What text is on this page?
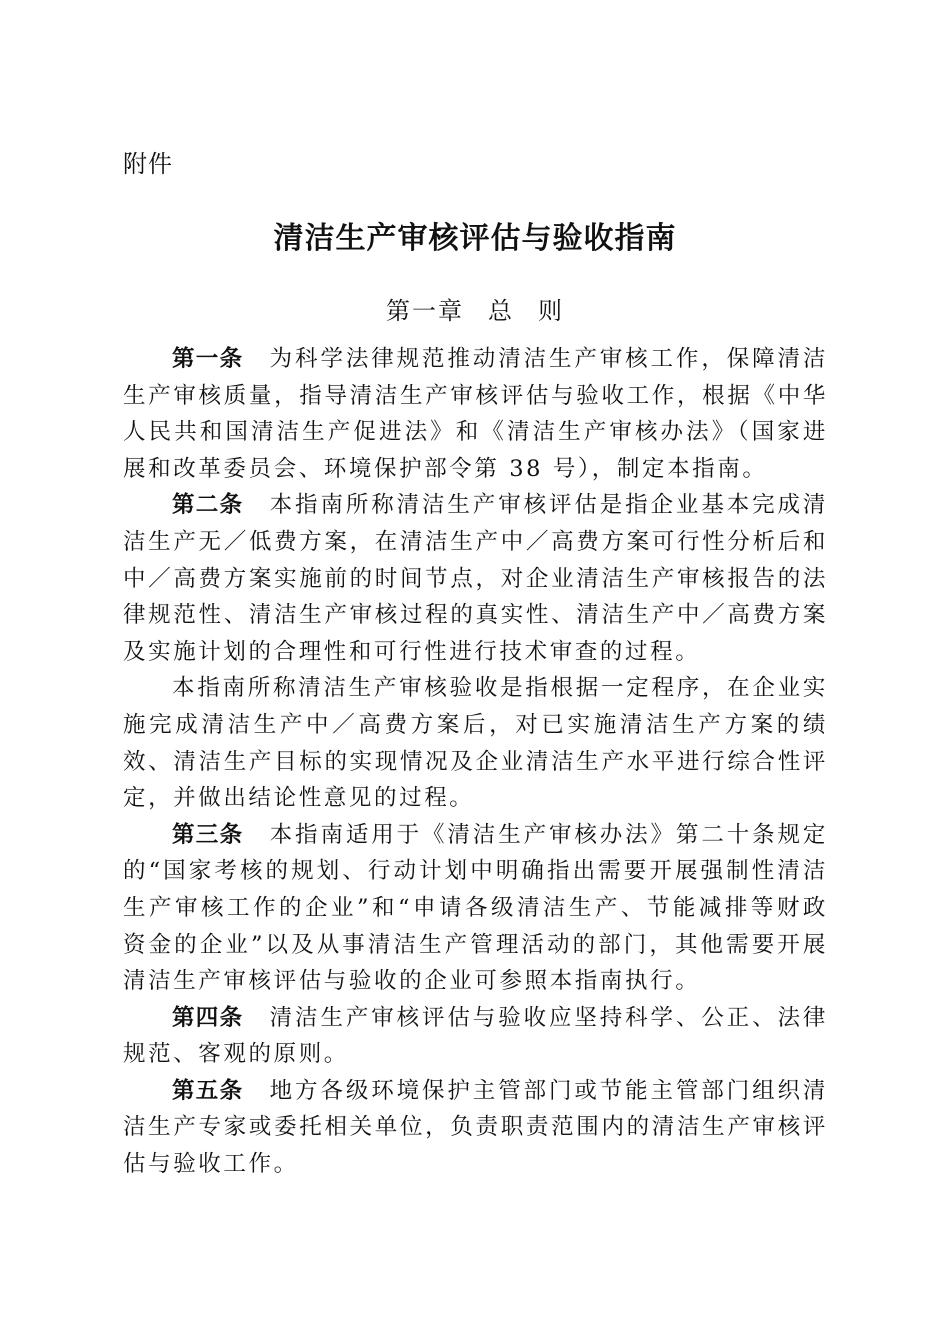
附件
清洁生产审核评估与验收指南
第一章 总 则

第一条 为科学法律规范推动清洁生产审核工作，保障清洁生产审核质量，指导清洁生产审核评估与验收工作，根据《中华人民共和国清洁生产促进法》和《清洁生产审核办法》（国家进展和改革委员会、环境保护部令第 38 号），制定本指南。

第二条 本指南所称清洁生产审核评估是指企业基本完成清洁生产无／低费方案，在清洁生产中／高费方案可行性分析后和中／高费方案实施前的时间节点，对企业清洁生产审核报告的法律规范性、清洁生产审核过程的真实性、清洁生产中／高费方案及实施计划的合理性和可行性进行技术审查的过程。

本指南所称清洁生产审核验收是指根据一定程序，在企业实施完成清洁生产中／高费方案后，对已实施清洁生产方案的绩效、清洁生产目标的实现情况及企业清洁生产水平进行综合性评定，并做出结论性意见的过程。

第三条 本指南适用于《清洁生产审核办法》第二十条规定的“国家考核的规划、行动计划中明确指出需要开展强制性清洁生产审核工作的企业”和“申请各级清洁生产、节能减排等财政资金的企业”以及从事清洁生产管理活动的部门，其他需要开展清洁生产审核评估与验收的企业可参照本指南执行。

第四条 清洁生产审核评估与验收应坚持科学、公正、法律规范、客观的原则。

第五条 地方各级环境保护主管部门或节能主管部门组织清洁生产专家或委托相关单位，负责职责范围内的清洁生产审核评估与验收工作。
